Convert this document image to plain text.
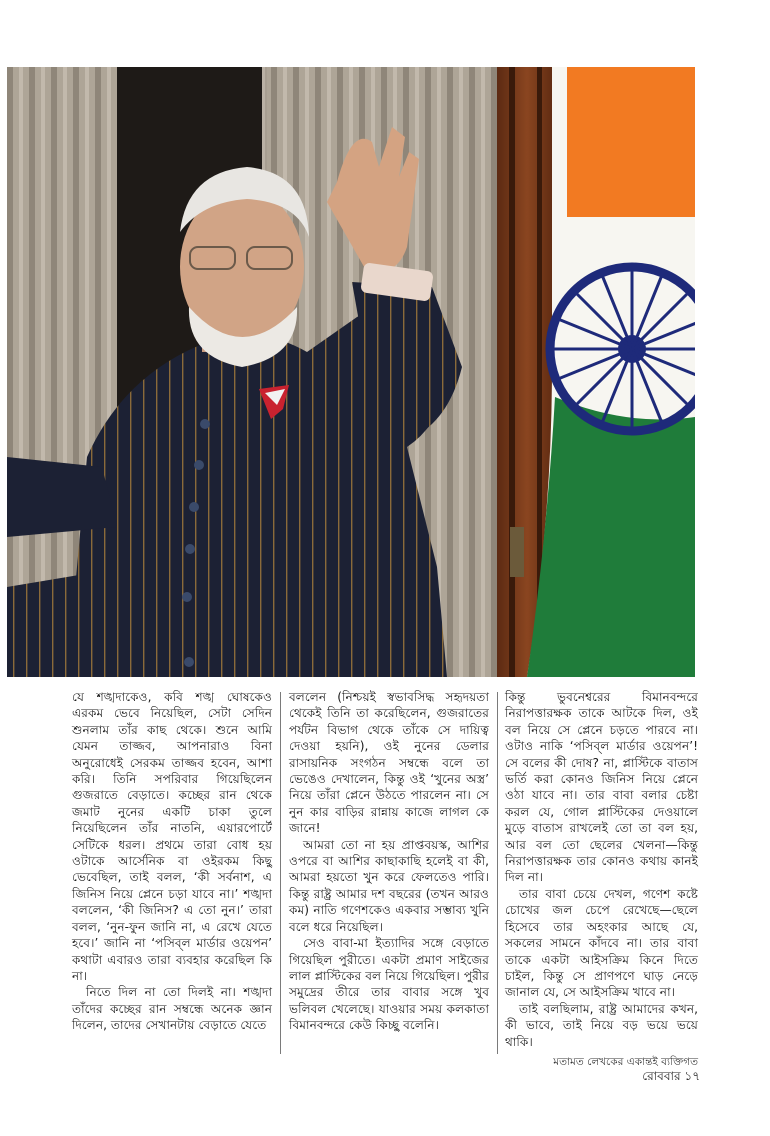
যে শঙ্খদাকেও, কবি শঙ্খ ঘোষকেও এরকম ভেবে নিয়েছিল, সেটা সেদিন শুনলাম তাঁর কাছ থেকে। শুনে আমি যেমন তাজ্জব, আপনারাও বিনা অনুরোধেই সেরকম তাজ্জব হবেন, আশা করি। তিনি সপরিবার গিয়েছিলেন গুজরাতে বেড়াতে। কচ্ছের রান থেকে জমাট নুনের একটি চাকা তুলে নিয়েছিলেন তাঁর নাতনি, এয়ারপোর্টে সেটিকে ধরল। প্রথমে তারা বোধ হয় ওটাকে আর্সেনিক বা ওইরকম কিছু ভেবেছিল, তাই বলল, ‘কী সর্বনাশ, এ জিনিস নিয়ে প্লেনে চড়া যাবে না।’ শঙ্খদা বললেন, ‘কী জিনিস? এ তো নুন।’ তারা বলল, ‘নুন-ফুন জানি না, এ রেখে যেতে হবে।’ জানি না ‘পসিব্‌ল মার্ডার ওয়েপন’ কথাটা এবারও তারা ব্যবহার করেছিল কি না।

নিতে দিল না তো দিলই না। শঙ্খদা তাঁদের কচ্ছের রান সম্বন্ধে অনেক জ্ঞান দিলেন, তাদের সেখানটায় বেড়াতে যেতে

বললেন (নিশ্চয়ই স্বভাবসিদ্ধ সহৃদয়তা থেকেই তিনি তা করেছিলেন, গুজরাতের পর্যটন বিভাগ থেকে তাঁকে সে দায়িত্ব দেওয়া হয়নি), ওই নুনের ডেলার রাসায়নিক সংগঠন সম্বন্ধে বলে তা ভেঙেও দেখালেন, কিন্তু ওই ‘খুনের অস্ত্র’ নিয়ে তাঁরা প্লেনে উঠতে পারলেন না। সে নুন কার বাড়ির রান্নায় কাজে লাগল কে জানে!

আমরা তো না হয় প্রাপ্তবয়স্ক, আশির ওপরে বা আশির কাছাকাছি হলেই বা কী, আমরা হয়তো খুন করে ফেলতেও পারি। কিন্তু রাষ্ট্র আমার দশ বছরের (তখন আরও কম) নাতি গণেশকেও একবার সম্ভাব্য খুনি বলে ধরে নিয়েছিল।

সেও বাবা-মা ইত্যাদির সঙ্গে বেড়াতে গিয়েছিল পুরীতে। একটা প্রমাণ সাইজের লাল প্লাস্টিকের বল নিয়ে গিয়েছিল। পুরীর সমুদ্রের তীরে তার বাবার সঙ্গে খুব ভলিবল খেলেছে। যাওয়ার সময় কলকাতা বিমানবন্দরে কেউ কিচ্ছু বলেনি।

কিন্তু ভুবনেশ্বরের বিমানবন্দরে নিরাপত্তারক্ষক তাকে আটকে দিল, ওই বল নিয়ে সে প্লেনে চড়তে পারবে না। ওটাও নাকি ‘পসিব্‌ল মার্ডার ওয়েপন’! সে বলের কী দোষ? না, প্লাস্টিকে বাতাস ভর্তি করা কোনও জিনিস নিয়ে প্লেনে ওঠা যাবে না। তার বাবা বলার চেষ্টা করল যে, গোল প্লাস্টিকের দেওয়ালে মুড়ে বাতাস রাখলেই তো তা বল হয়, আর বল তো ছেলের খেলনা—কিন্তু নিরাপত্তারক্ষক তার কোনও কথায় কানই দিল না।

তার বাবা চেয়ে দেখল, গণেশ কষ্টে চোখের জল চেপে রেখেছে—ছেলে হিসেবে তার অহংকার আছে যে, সকলের সামনে কাঁদবে না। তার বাবা তাকে একটা আইসক্রিম কিনে দিতে চাইল, কিন্তু সে প্রাণপণে ঘাড় নেড়ে জানাল যে, সে আইসক্রিম খাবে না।

তাই বলছিলাম, রাষ্ট্র আমাদের কখন, কী ভাবে, তাই নিয়ে বড় ভয়ে ভয়ে থাকি।

মতামত লেখকের একান্তই ব্যক্তিগত
রোববার ১৭
